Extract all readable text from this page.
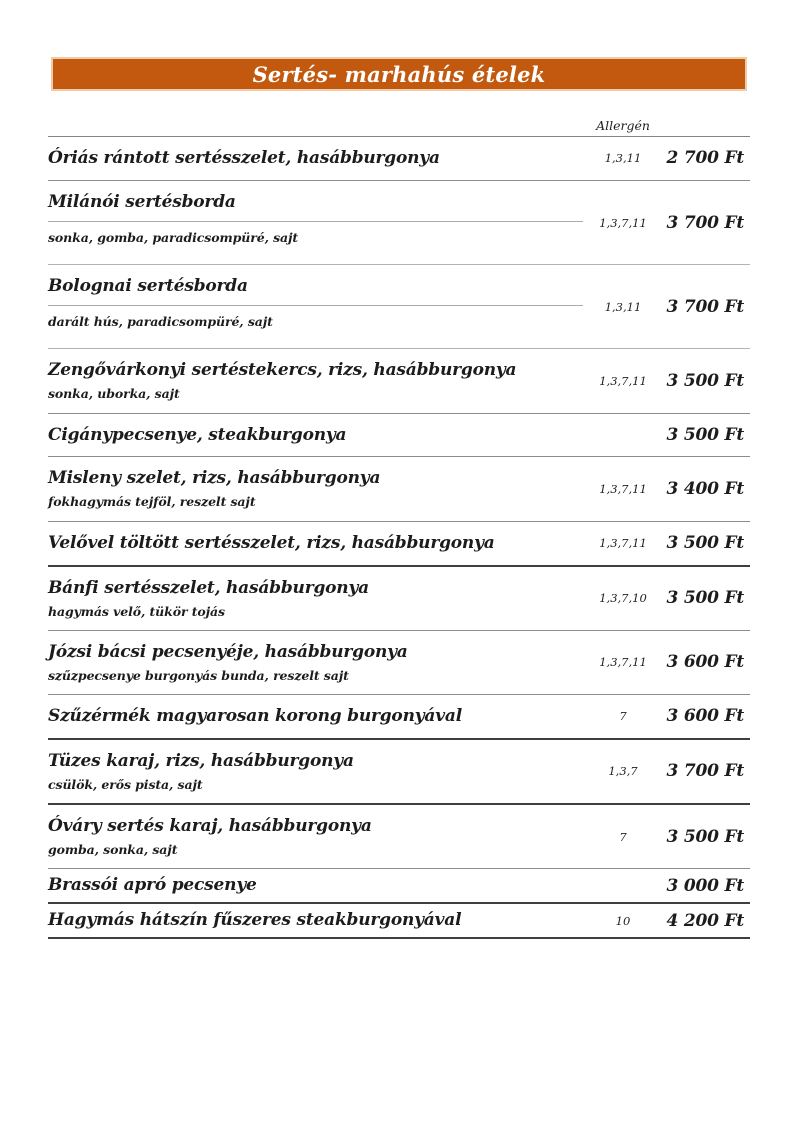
Sertés- marhahús ételek
Allergén
Óriás rántott sertésszelet, hasábburgonya	1,3,11	2 700 Ft
Milánói sertésborda
sonka, gomba, paradicsompüré, sajt
1,3,7,11	3 700 Ft
Bolognai sertésborda
darált hús, paradicsompüré, sajt
1,3,11	3 700 Ft
Zengővárkonyi sertéstekercs, rizs, hasábburgonya
sonka, uborka, sajt
1,3,7,11	3 500 Ft
Cigánypecsenye, steakburgonya	3 500 Ft
Misleny szelet, rizs, hasábburgonya
fokhagymás tejföl, reszelt sajt
1,3,7,11	3 400 Ft
Velővel töltött sertésszelet, rizs, hasábburgonya	1,3,7,11	3 500 Ft
Bánfi sertésszelet, hasábburgonya
hagymás velő, tükör tojás
1,3,7,10	3 500 Ft
Józsi bácsi pecsenyéje, hasábburgonya
szűzpecsenye burgonyás bunda, reszelt sajt
1,3,7,11	3 600 Ft
Szűzérmék magyarosan korong burgonyával	7	3 600 Ft
Tüzes karaj, rizs, hasábburgonya
csülök, erős pista, sajt
1,3,7	3 700 Ft
Óváry sertés karaj, hasábburgonya
gomba, sonka, sajt
7	3 500 Ft
Brassói apró pecsenye	3 000 Ft
Hagymás hátszín fűszeres steakburgonyával	10	4 200 Ft
